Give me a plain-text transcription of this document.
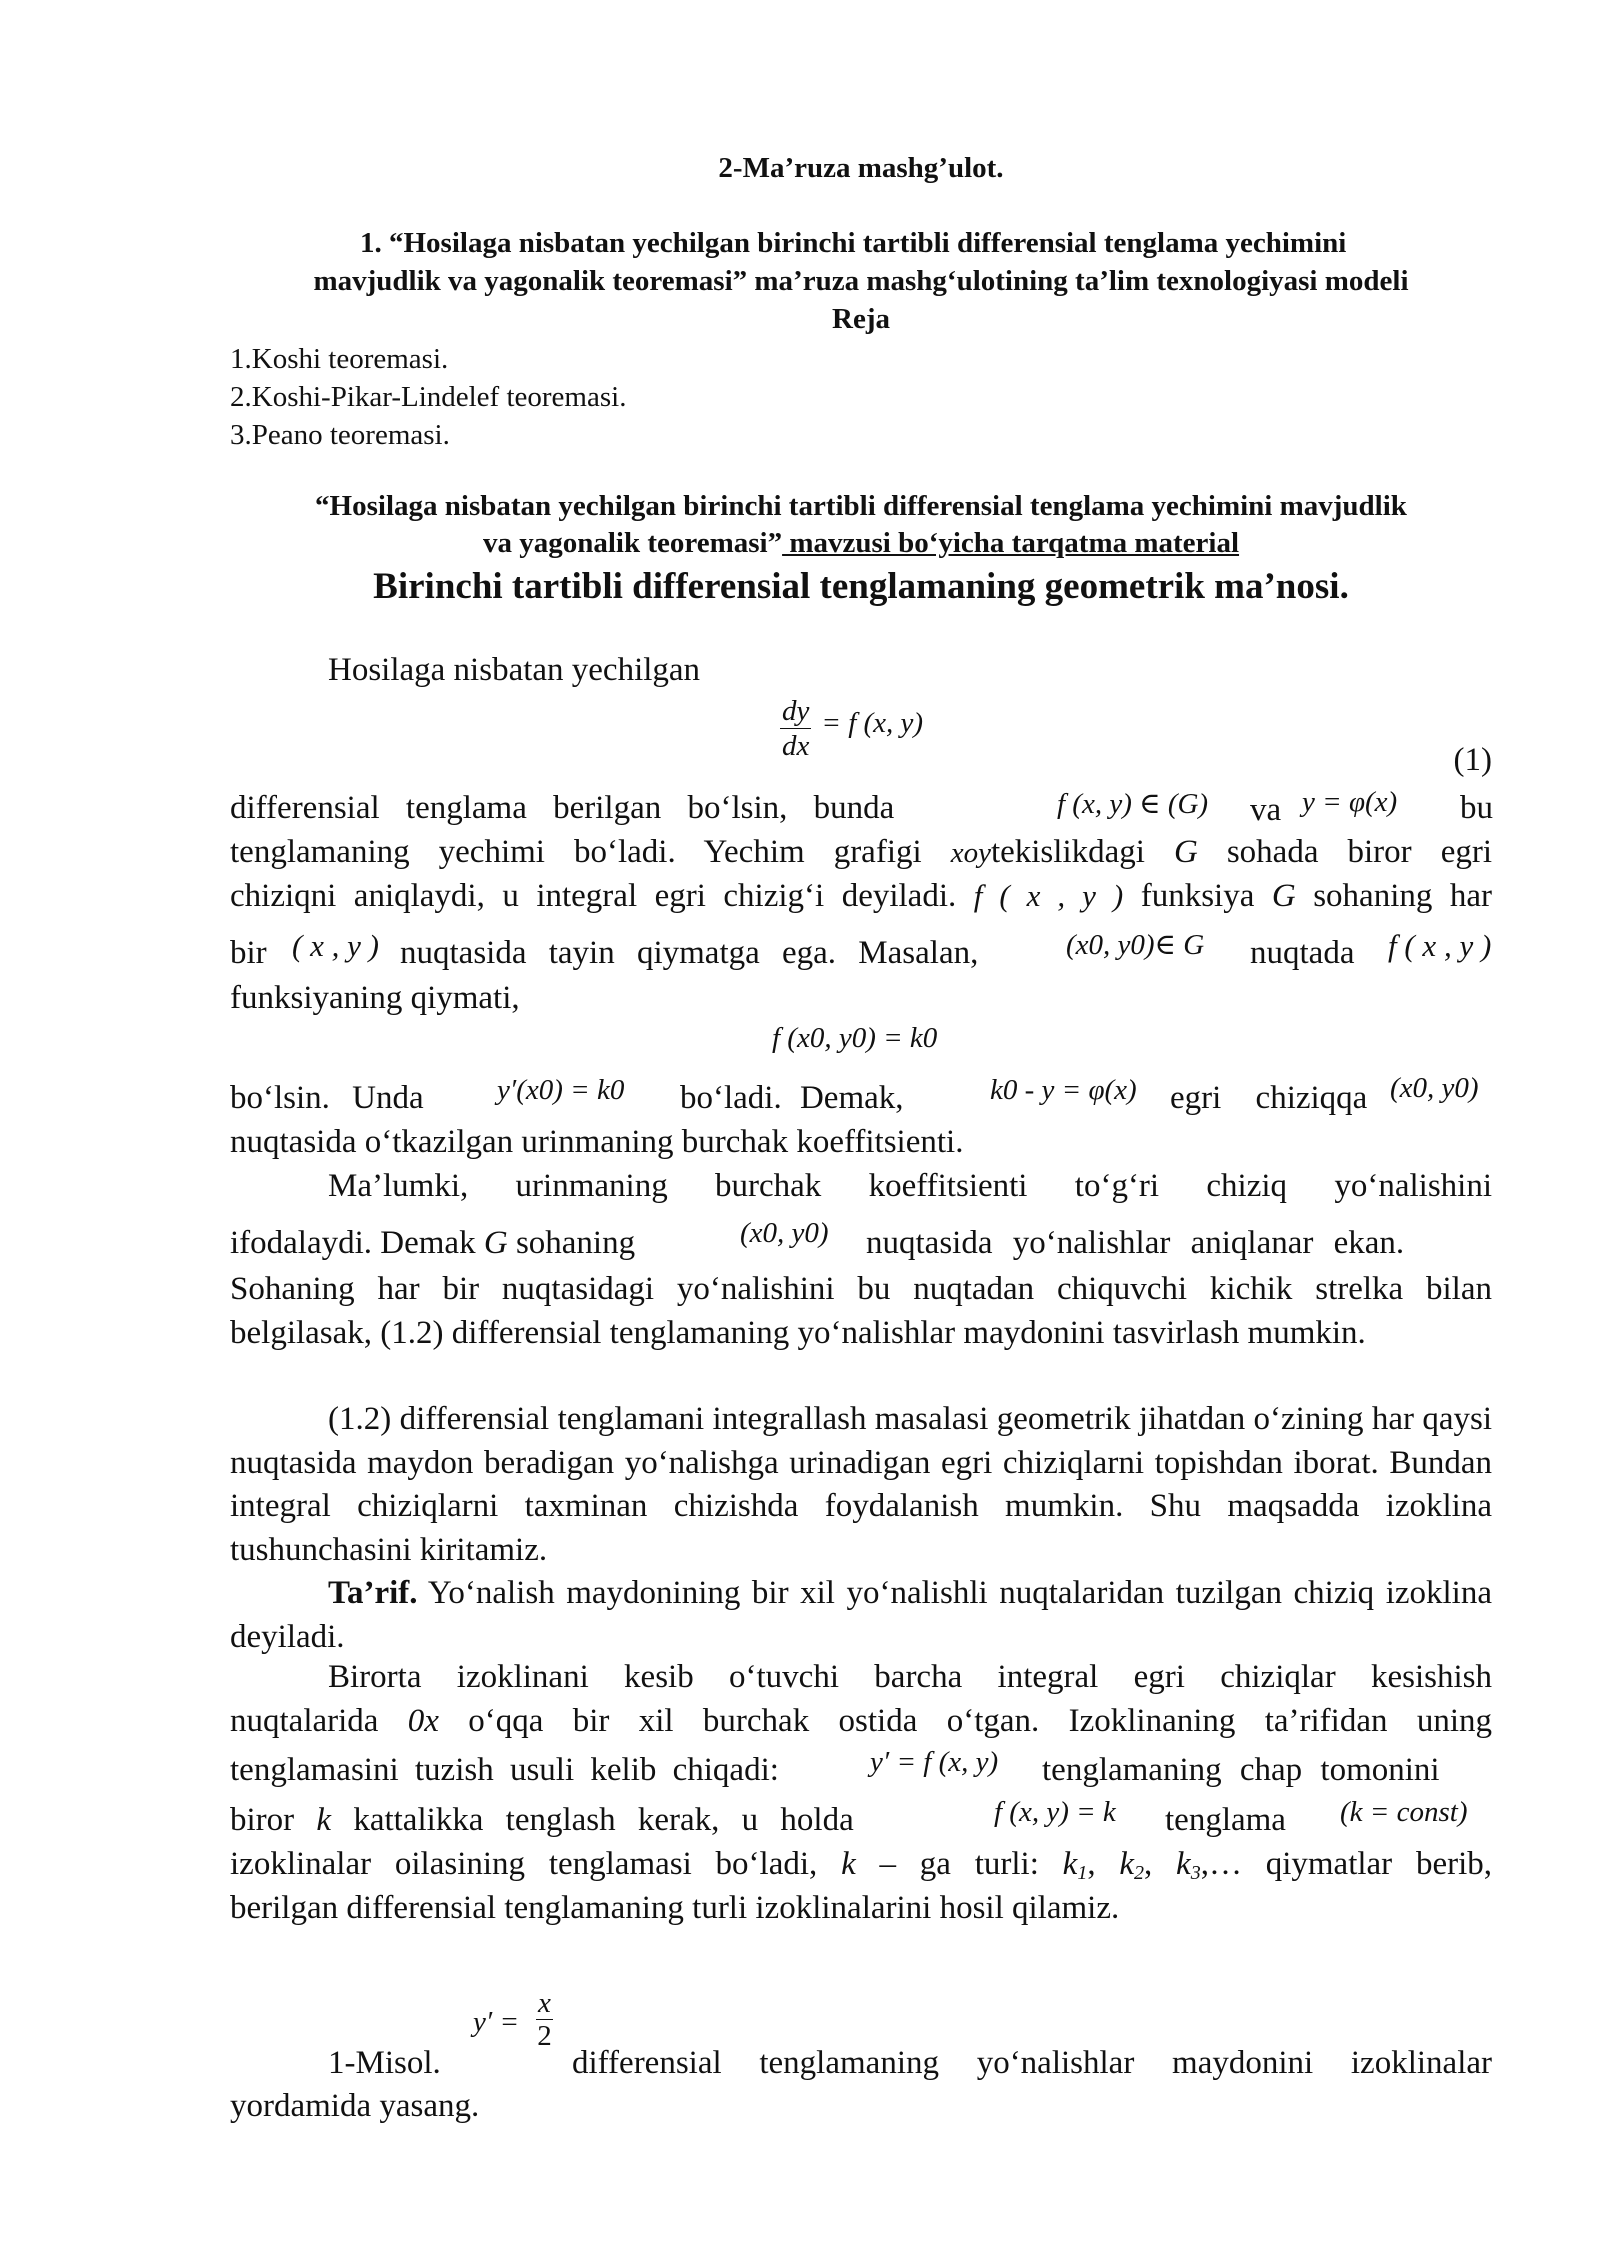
2-Ma’ruza mashg’ulot.
1. “Hosilaga nisbatan yechilgan birinchi tartibli differensial tenglama yechimini
mavjudlik va yagonalik teoremasi” ma’ruza mashg‘ulotining ta’lim texnologiyasi modeli
Reja
1.Koshi teoremasi.
2.Koshi-Pikar-Lindelef teoremasi.
3.Peano teoremasi.
“Hosilaga nisbatan yechilgan birinchi tartibli differensial tenglama yechimini mavjudlik
va yagonalik teoremasi” mavzusi bo‘yicha tarqatma material
Birinchi tartibli differensial tenglamaning geometrik ma’nosi.
Hosilaga nisbatan yechilgan
$\frac{dy}{dx} = f$ (x, y)
(1)
differensial tenglama berilgan bo‘lsin, bunda	f (x, y) ∈ (G) va y = φ(x) bu
tenglamaning yechimi bo‘ladi. Yechim grafigi xoytekislikdagi G sohada biror egri
chiziqni aniqlaydi, u integral egri chizig‘i deyiladi. f ( x , y ) funksiya G sohaning har
bir ( x , y ) nuqtasida tayin qiymatga ega. Masalan,	(x0, y0)∈ G nuqtada f ( x , y )
funksiyaning qiymati,
f (x0, y0) = k0
bo‘lsin. Unda	y′(x0) = k0 bo‘ladi. Demak,	k0 - y = φ(x) egri chiziqqa (x0, y0)
nuqtasida o‘tkazilgan urinmaning burchak koeffitsienti.
Ma’lumki, urinmaning burchak koeffitsienti to‘g‘ri chiziq yo‘nalishini
ifodalaydi. Demak G sohaning	(x0, y0) nuqtasida yo‘nalishlar aniqlanar ekan.

Sohaning har bir nuqtasidagi yo‘nalishini bu nuqtadan chiquvchi kichik strelka bilan belgilasak, (1.2) differensial tenglamaning yo‘nalishlar maydonini tasvirlash mumkin.

(1.2) differensial tenglamani integrallash masalasi geometrik jihatdan o‘zining har qaysi nuqtasida maydon beradigan yo‘nalishga urinadigan egri chiziqlarni topishdan iborat. Bundan integral chiziqlarni taxminan chizishda foydalanish mumkin. Shu maqsadda izoklina tushunchasini kiritamiz.

Ta’rif. Yo‘nalish maydonining bir xil yo‘nalishli nuqtalaridan tuzilgan chiziq izoklina deyiladi.

Birorta izoklinani kesib o‘tuvchi barcha integral egri chiziqlar kesishish
nuqtalarida 0x o‘qqa bir xil burchak ostida o‘tgan. Izoklinaning ta’rifidan uning
tenglamasini tuzish usuli kelib chiqadi:	y′ = f (x, y) tenglamaning chap tomonini
biror k kattalikka tenglash kerak, u holda	f (x, y) = k tenglama (k = const)
izoklinalar oilasining tenglamasi bo‘ladi, k – ga turli: $k_1$, $k_2$, $k_3,\dots$ qiymatlar berib,
berilgan differensial tenglamaning turli izoklinalarini hosil qilamiz.
1-Misol.
$y' = \frac{x}{2}$
differensial tenglamaning yo‘nalishlar maydonini izoklinalar
yordamida yasang.
